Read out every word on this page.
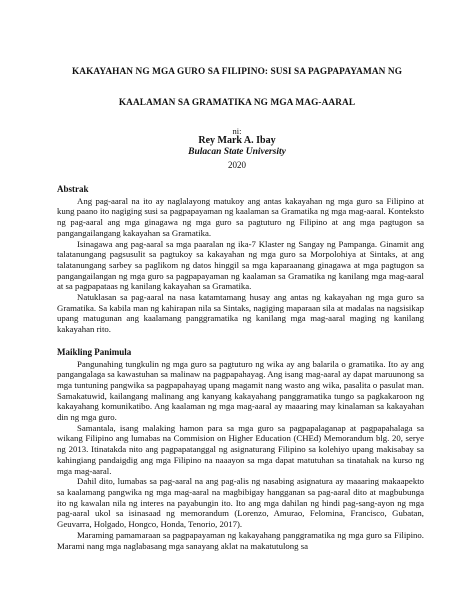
KAKAYAHAN NG MGA GURO SA FILIPINO: SUSI SA PAGPAPAYAMAN NG
KAALAMAN SA GRAMATIKA NG MGA MAG-AARAL
ni:
Rey Mark A. Ibay
Bulacan State University
2020
Abstrak

Ang pag-aaral na ito ay naglalayong matukoy ang antas kakayahan ng mga guro sa Filipino at kung paano ito nagiging susi sa pagpapayaman ng kaalaman sa Gramatika ng mga mag-aaral. Konteksto ng pag-aaral ang mga ginagawa ng mga guro sa pagtuturo ng Filipino at ang mga pagtugon sa pangangailangang kakayahan sa Gramatika.

Isinagawa ang pag-aaral sa mga paaralan ng ika-7 Klaster ng Sangay ng Pampanga. Ginamit ang talatanungang pagsusulit sa pagtukoy sa kakayahan ng mga guro sa Morpolohiya at Sintaks, at ang talatanungang sarbey sa paglikom ng datos hinggil sa mga kaparaanang ginagawa at mga pagtugon sa pangangailangan ng mga guro sa pagpapayaman ng kaalaman sa Gramatika ng kanilang mga mag-aaral at sa pagpapataas ng kanilang kakayahan sa Gramatika.

Natuklasan sa pag-aaral na nasa katamtamang husay ang antas ng kakayahan ng mga guro sa Gramatika. Sa kabila man ng kahirapan nila sa Sintaks, nagiging maparaan sila at madalas na nagsisikap upang matugunan ang kaalamang panggramatika ng kanilang mga mag-aaral maging ng kanilang kakayahan rito.

Maikling Panimula

Pangunahing tungkulin ng mga guro sa pagtuturo ng wika ay ang balarila o gramatika. Ito ay ang pangangalaga sa kawastuhan sa malinaw na pagpapahayag. Ang isang mag-aaral ay dapat maruunong sa mga tuntuning pangwika sa pagpapahayag upang magamit nang wasto ang wika, pasalita o pasulat man. Samakatuwid, kailangang malinang ang kanyang kakayahang panggramatika tungo sa pagkakaroon ng kakayahang komunikatibo. Ang kaalaman ng mga mag-aaral ay maaaring may kinalaman sa kakayahan din ng mga guro.

Samantala, isang malaking hamon para sa mga guro sa pagpapalaganap at pagpapahalaga sa wikang Filipino ang lumabas na Commision on Higher Education (CHEd) Memorandum blg. 20, serye ng 2013. Itinatakda nito ang pagpapatanggal ng asignaturang Filipino sa kolehiyo upang makisabay sa kahingiang pandaigdig ang mga Filipino na naaayon sa mga dapat matutuhan sa tinatahak na kurso ng mga mag-aaral.

Dahil dito, lumabas sa pag-aaral na ang pag-alis ng nasabing asignatura ay maaaring makaapekto sa kaalamang pangwika ng mga mag-aaral na magbibigay hangganan sa pag-aaral dito at magbubunga ito ng kawalan nila ng interes na payabungin ito. Ito ang mga dahilan ng hindi pag-sang-ayon ng mga pag-aaral ukol sa isinasaad ng memorandum (Lorenzo, Amurao, Felomina, Francisco, Gubatan, Geuvarra, Holgado, Hongco, Honda, Tenorio, 2017).

Maraming pamamaraan sa pagpapayaman ng kakayahang panggramatika ng mga guro sa Filipino. Marami nang mga naglabasang mga sanayang aklat na makatutulong sa
